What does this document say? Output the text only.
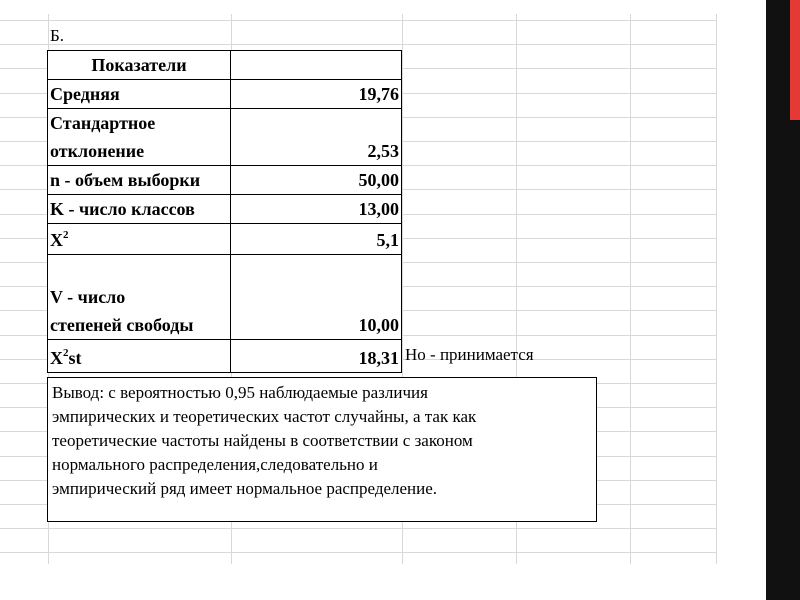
Б.
Показатели	
Средняя	19,76
Стандартное
отклонение	2,53
n - объем выборки	50,00
K - число классов	13,00
$X^2$	5,1
V - число
степеней свободы	10,00
$X^2st$	18,31 Но - принимается
Вывод: с вероятностью 0,95 наблюдаемые различия
эмпирических и теоретических частот случайны, а так как
теоретические частоты найдены в соответствии с законом
нормального распределения,следовательно и
эмпирический ряд имеет нормальное распределение.
